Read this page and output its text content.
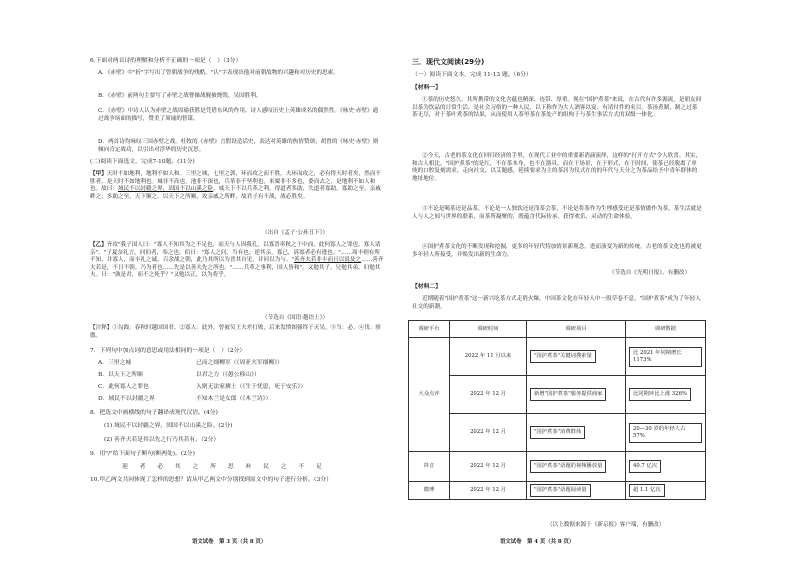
6.下面对两首诗的理解和分析不正确的一项是（　）（3分）

A．《赤壁》中"折"字写出了曾朝战争的残酷，"认"字表现出他对前朝故物的兴趣和对历史的思索。

B．《赤壁》前两句主要写了赤壁之战曹操战舰被烧毁，吴国胜利。

C．《赤壁》中诗人认为赤壁之战周瑜获胜是凭借东风的作用，诗人感叹历史上英雄成名的偶然性。《咏史·赤壁》通过战争场面的描写，赞美了周瑜的智谋。

D．两首诗均咏叹三国赤壁之战。杜牧的《赤壁》言假设造话史，表达对英雄的热情赞颂；胡曾的《咏史·赤壁》则倾向肯定战功，以引出对浮华的历史沉思。

(二)阅读下面选文，完成7-10题。(11分)

【甲】天时不如地利，地利不如人和。三里之城，七里之郭，环而攻之而不胜。夫环而攻之，必有得天时者矣，然而不胜者，是天时不如地利也。城非不高也，池非不深也，兵革非不坚利也，米粟非不多也，委而去之，是地利不如人和也。故曰：域民不以封疆之界，固国不以山溪之险，威天下不以兵革之利。得道者多助，失道者寡助。寡助之至，亲戚畔之；多助之至，天下顺之。以天下之所顺，攻亲戚之所畔，故君子有不战，战必胜矣。

（出自《孟子·公孙丑下》）

【乙】齐攻"我子国人曰："寡人不知其为之不足也，而天与人因我孔，以寡晋率秋之于中而，此何寡人之罪也。寡人请亲"。"子夏奈礼言，问伯者，奉之也，伯曰："寡人之问，当有也；逆其亲，寡已，诉寡者必有逃也。"……周丰则有所不知，并寡人，而丰礼之诚，百余战之朝，此乃其所以为晋其自见，并问以为与。"善齐夫若非丰而且以说及之……善齐夫若是，不日不朝。乃为者也……先是以善夫先之所也。"……兵革之事利，国人皆和"。又勉其子，兄勉其弟，妇勉其夫。曰："孰是君，而不之死乎？"又勉以正，以为将乎。

（节选自《国语·越语上》）

【注释】①勾践：春秋时越国国君。②寡人：此外，曾被吴王夫差打败，后来发愤图强终于灭吴。③当：必。④伐：骄傲。

7．下列句中加点词的意思或用法相同的一项是（　）（2分）
A．三里之城	已而之细柳军（《周亚夫军细柳》）
B．以天下之所顺	以君之力（《愚公移山》）
C．此何寡人之罪也	入则无法家拂士（《生于忧患，死于安乐》）
D．域民不以封疆之界	不知木兰是女郎（《木兰诗》）
8．把选文中画横线的句子翻译成现代汉语。(4分)
(1) 域民不以封疆之界，固国不以山溪之险。(2分)
(2) 善齐夫若是其以先之行乃其若有。（2分）
9．用"/"给下面句子断句(断两处)。(2分)
迎 者 必 其 之 所 思 补 民 之 不 足

10.甲乙两文共同体现了怎样的思想？请从甲乙两文中分别找到原文中的句子进行分析。（3分）

语文试卷　第 3 页（共 8 页）
三．现代文阅读(29分)
（一）阅读下面文本，完成 11-13 题。（6分）
【材料一】

①茶的历史悠久，其所携带的文化含蕴也精深、连带、厚重。现在"国护煮茶"来说，在古代有许多源流，是朋友间以茶为饮品的日常生活，是社会习俗的一种人民，以下称作为大人酒客以宴、有请付件的名目。茶汤煮制，制之过茶茶无尽，对于茶叶煮茶的结果，从而使用人茶里茶在茶处产的组构于与茶生事活方式的双级一体化。

②今天，古老的茶文化在回归经济的手里，在现代工业中的重要新消滴演绎，这样的"打开方式"令人欣喜。其实，和古人相比，"国护煮茶"的是红，不在茶本身，也不在器具，而在于场景，在于形式，在于时间，使茶已经脱离了单纯的口腔复刻需求，走向社交，以艾题感，延续要求为主的茶居为仪式在的的年代与天分之为茶品给予中青年群体的地址地位。

③不论是喝茶还是品茶，不论是一人独饮还是浅茶会茶，不论是将茶作为生理感受还是茶情做作为茶，茶生活就是人与人之间与世界的联系，而茶所凝聚的，既蕴含代际传承，获得欢乐，灵动的生命体验。

④国护煮茶文化的不断发现和挖掘，更多的年轻代特加情景新观念，进而演变为新的传统，古老的茶文化也将被更多年轻人所接受，并焕发出新的生命力。

（节选自《光明日报》，有删改）
【材料二】

近期随着"国护煮茶"这一新兴吃茶方式走俏火爆，中国茶文化在年轻人中一股草卷不息，"国护煮茶"成为了年轻人社交的新潮。

调研平台	调研时间	调研项目	调研数据
大众点评	2022 年 11 月以来	"国护煮茶"关键词搜索量	比 2021 年同期增长 1173%
	2022 年 12 月	新增"国护煮茶"服务提供商家	比同期环比上涨 326%
	2022 年 12 月	"国护煮茶"消费群体	20—30 岁的年轻人占 57%
抖音	2022 年 12 月	"国护煮茶"话题的视频播放量	40.7 亿次
微博	2022 年 12 月	"国护煮茶"话题阅读量	超 1.1 亿次
（以上数据来源于《新京报》客户端，有删改）
语文试卷　第 4 页（共 8 页）
